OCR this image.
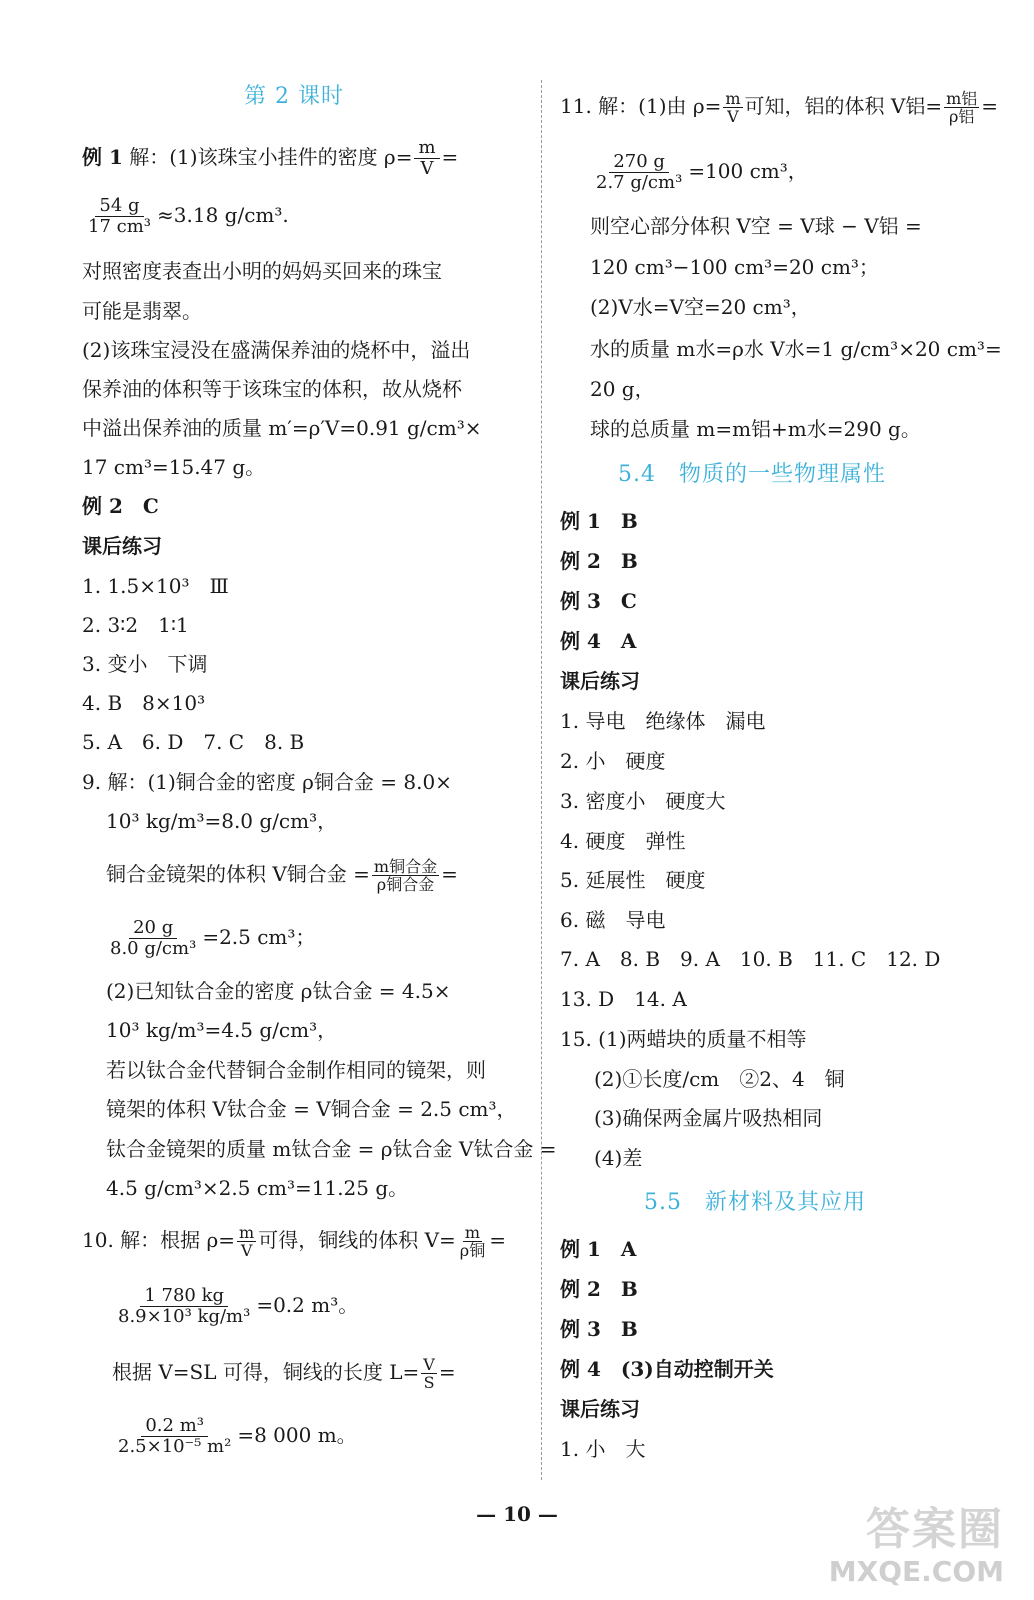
第 2 课时
例 1 解：(1)该珠宝小挂件的密度 $\rho= \frac{m}{V}$ =
$\frac{54 g}{\text{17 cm³}} \approx 3.18$ g/cm³.
对照密度表查出小明的妈妈买回来的珠宝
可能是翡翠。
(2)该珠宝浸没在盛满保养油的烧杯中，溢出
保养油的体积等于该珠宝的体积，故从烧杯
中溢出保养油的质量 m′=ρ′V=0.91 g/cm³×
17 cm³=15.47 g。
例 2　C
课后练习
1. 1.5×10³　Ⅲ
2. 3∶2　1∶1
3. 变小　下调
4. B　8×10³
5. A　6. D　7. C　8. B
9. 解：(1)铜合金的密度 ρ铜合金 = 8.0×
10³ kg/m³=8.0 g/cm³，
铜合金镜架的体积 V铜合金 = $\frac{\text{m铜合金}}{\text{ρ铜合金}}$ =
$\frac{20 g}{\text{8.0 g/cm³}} =2.5$ cm³；
(2)已知钛合金的密度 ρ钛合金 = 4.5×
10³ kg/m³=4.5 g/cm³，
若以钛合金代替铜合金制作相同的镜架，则
镜架的体积 V钛合金 = V铜合金 = 2.5 cm³，
钛合金镜架的质量 m钛合金 = ρ钛合金 V钛合金 =
4.5 g/cm³×2.5 cm³=11.25 g。
10. 解：根据 $\rho= \frac{m}{V}$ 可得，铜线的体积 $V= \frac{m}{\text{ρ铜}}$ =
$\frac{1 780 kg}{\text{8.9×10³ kg/m³}} =0.2$ m³。
根据 V=SL 可得，铜线的长度 $L= \frac{V}{S}$ =
$\frac{\text{0.2 m³}}{\text{2.5×10⁻⁵ m²}} =8$ 000 m。
11. 解：(1)由 $\rho= \frac{m}{V}$ 可知，铝的体积 V铝= $\frac{\text{m铝}}{\text{ρ铝}}$ =
$\frac{270 g}{\text{2.7 g/cm³}} =100$ cm³，
则空心部分体积 V空 = V球 − V铝 =
120 cm³−100 cm³=20 cm³；
(2)V水=V空=20 cm³，
水的质量 m水=ρ水 V水=1 g/cm³×20 cm³=
20 g，
球的总质量 m=m铝+m水=290 g。
5.4　物质的一些物理属性
例 1　B
例 2　B
例 3　C
例 4　A
课后练习
1. 导电　绝缘体　漏电
2. 小　硬度
3. 密度小　硬度大
4. 硬度　弹性
5. 延展性　硬度
6. 磁　导电
7. A　8. B　9. A　10. B　11. C　12. D
13. D　14. A
15. (1)两蜡块的质量不相等
(2)①长度/cm　②2、4　铜
(3)确保两金属片吸热相同
(4)差
5.5　新材料及其应用
例 1　A
例 2　B
例 3　B
例 4　(3)自动控制开关
课后练习
1. 小　大
— 10 —	答案圈
MXQE.COM
